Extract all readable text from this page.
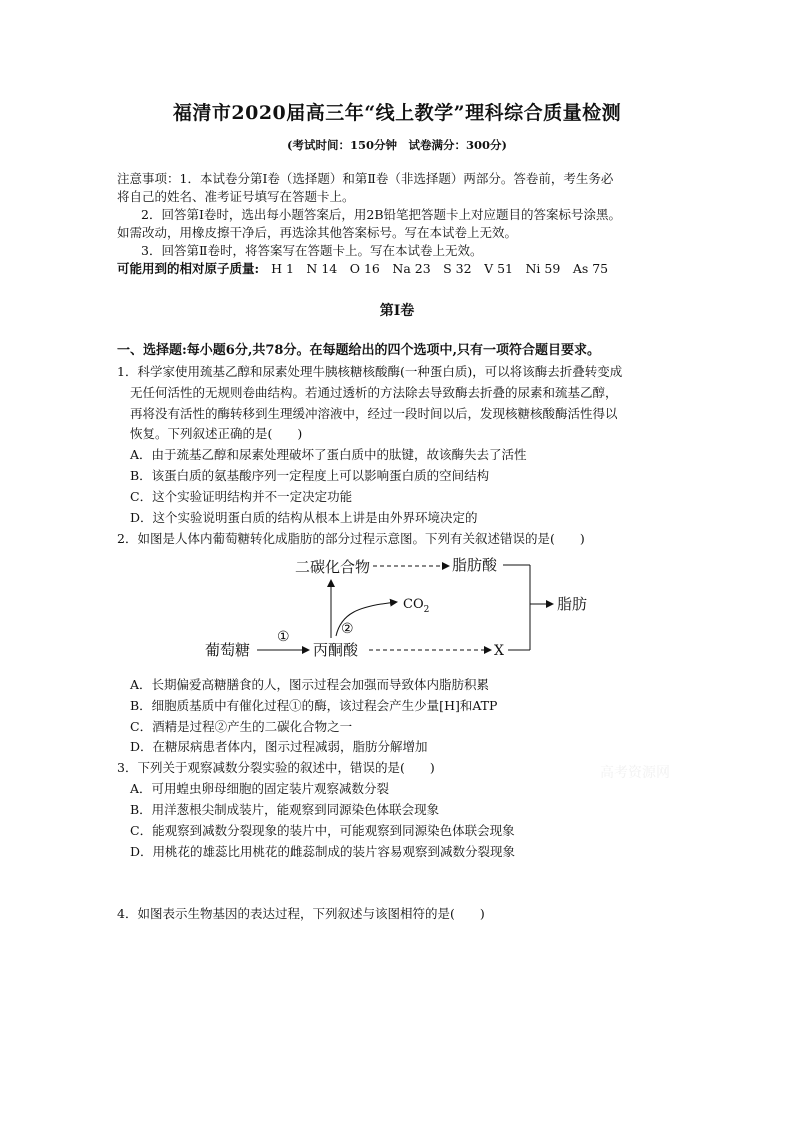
福清市2020届高三年“线上教学”理科综合质量检测
(考试时间：150分钟　试卷满分：300分)
注意事项：1．本试卷分第Ⅰ卷（选择题）和第Ⅱ卷（非选择题）两部分。答卷前，考生务必
将自己的姓名、准考证号填写在答题卡上。
2．回答第Ⅰ卷时，选出每小题答案后，用2B铅笔把答题卡上对应题目的答案标号涂黑。
如需改动，用橡皮擦干净后，再选涂其他答案标号。写在本试卷上无效。
3．回答第Ⅱ卷时，将答案写在答题卡上。写在本试卷上无效。
可能用到的相对原子质量: H 1　N 14　O 16　Na 23　S 32　V 51　Ni 59　As 75
第Ⅰ卷
一、选择题:每小题6分,共78分。在每题给出的四个选项中,只有一项符合题目要求。
1．科学家使用巯基乙醇和尿素处理牛胰核糖核酸酶(一种蛋白质)，可以将该酶去折叠转变成
无任何活性的无规则卷曲结构。若通过透析的方法除去导致酶去折叠的尿素和巯基乙醇，
再将没有活性的酶转移到生理缓冲溶液中，经过一段时间以后，发现核糖核酸酶活性得以
恢复。下列叙述正确的是(　　)
A．由于巯基乙醇和尿素处理破坏了蛋白质中的肽键，故该酶失去了活性
B．该蛋白质的氨基酸序列一定程度上可以影响蛋白质的空间结构
C．这个实验证明结构并不一定决定功能
D．这个实验说明蛋白质的结构从根本上讲是由外界环境决定的
2．如图是人体内葡萄糖转化成脂肪的部分过程示意图。下列有关叙述错误的是(　　)
葡萄糖	丙酮酸
二碳化合物	脂肪酸
$CO_2$
X
脂肪
①	②
A．长期偏爱高糖膳食的人，图示过程会加强而导致体内脂肪积累
B．细胞质基质中有催化过程①的酶，该过程会产生少量[H]和ATP
C．酒精是过程②产生的二碳化合物之一
D．在糖尿病患者体内，图示过程减弱，脂肪分解增加
3．下列关于观察减数分裂实验的叙述中，错误的是(　　)
A．可用蝗虫卵母细胞的固定装片观察减数分裂
B．用洋葱根尖制成装片，能观察到同源染色体联会现象
C．能观察到减数分裂现象的装片中，可能观察到同源染色体联会现象
D．用桃花的雄蕊比用桃花的雌蕊制成的装片容易观察到减数分裂现象
4．如图表示生物基因的表达过程，下列叙述与该图相符的是(　　)
高考资源网
